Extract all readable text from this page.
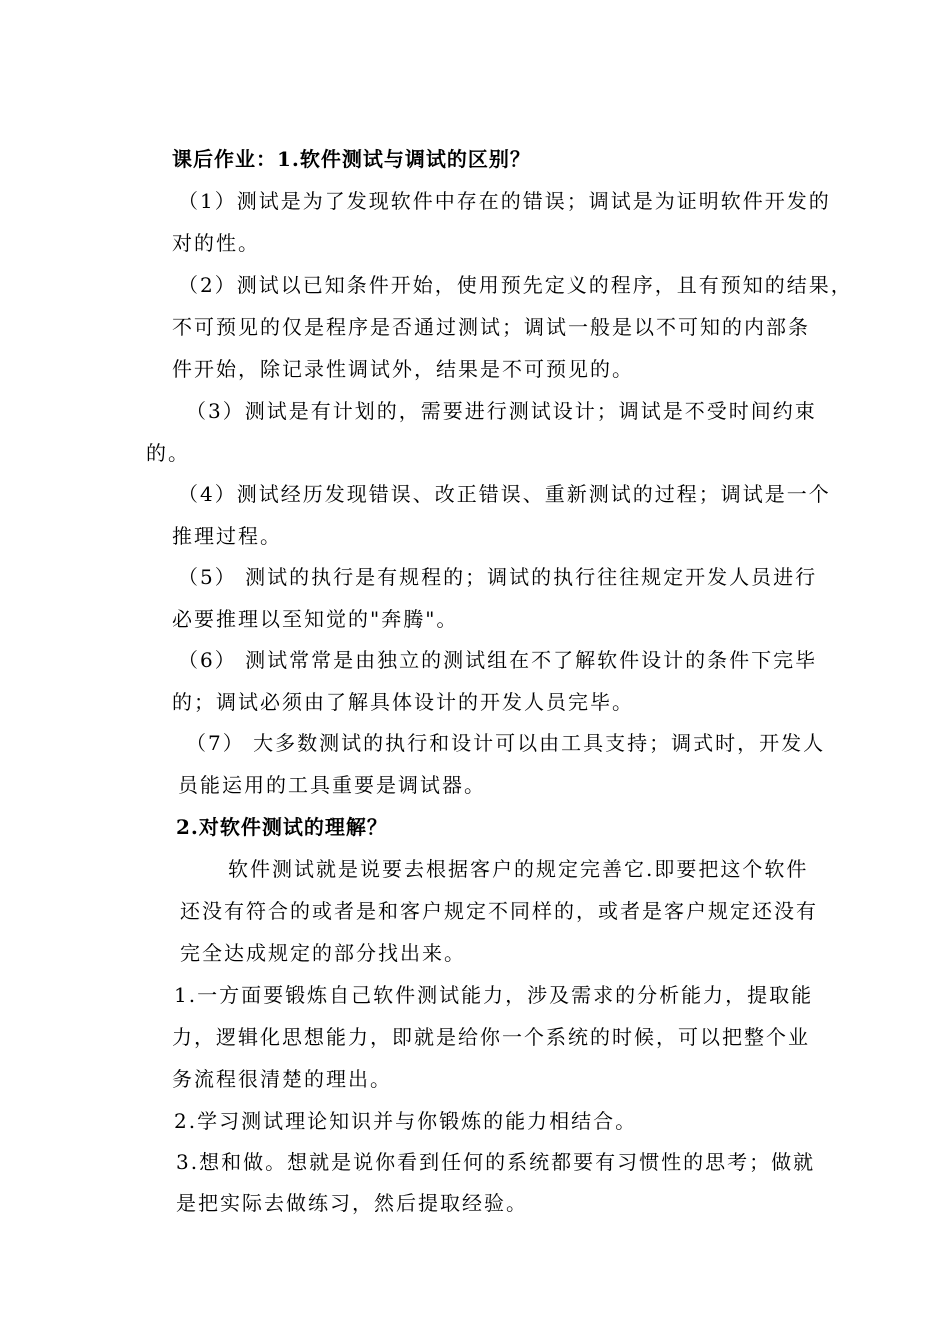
课后作业：1.软件测试与调试的区别？

（1）测试是为了发现软件中存在的错误；调试是为证明软件开发的

对的性。

（2）测试以已知条件开始，使用预先定义的程序，且有预知的结果，

不可预见的仅是程序是否通过测试；调试一般是以不可知的内部条

件开始，除记录性调试外，结果是不可预见的。

（3）测试是有计划的，需要进行测试设计；调试是不受时间约束

的。

（4）测试经历发现错误、改正错误、重新测试的过程；调试是一个

推理过程。

（5） 测试的执行是有规程的；调试的执行往往规定开发人员进行

必要推理以至知觉的"奔腾"。

（6） 测试常常是由独立的测试组在不了解软件设计的条件下完毕

的；调试必须由了解具体设计的开发人员完毕。

（7） 大多数测试的执行和设计可以由工具支持；调式时，开发人

员能运用的工具重要是调试器。

2.对软件测试的理解？

软件测试就是说要去根据客户的规定完善它.即要把这个软件

还没有符合的或者是和客户规定不同样的，或者是客户规定还没有

完全达成规定的部分找出来。

1.一方面要锻炼自己软件测试能力，涉及需求的分析能力，提取能

力，逻辑化思想能力，即就是给你一个系统的时候，可以把整个业

务流程很清楚的理出。

2.学习测试理论知识并与你锻炼的能力相结合。

3.想和做。想就是说你看到任何的系统都要有习惯性的思考；做就

是把实际去做练习，然后提取经验。
